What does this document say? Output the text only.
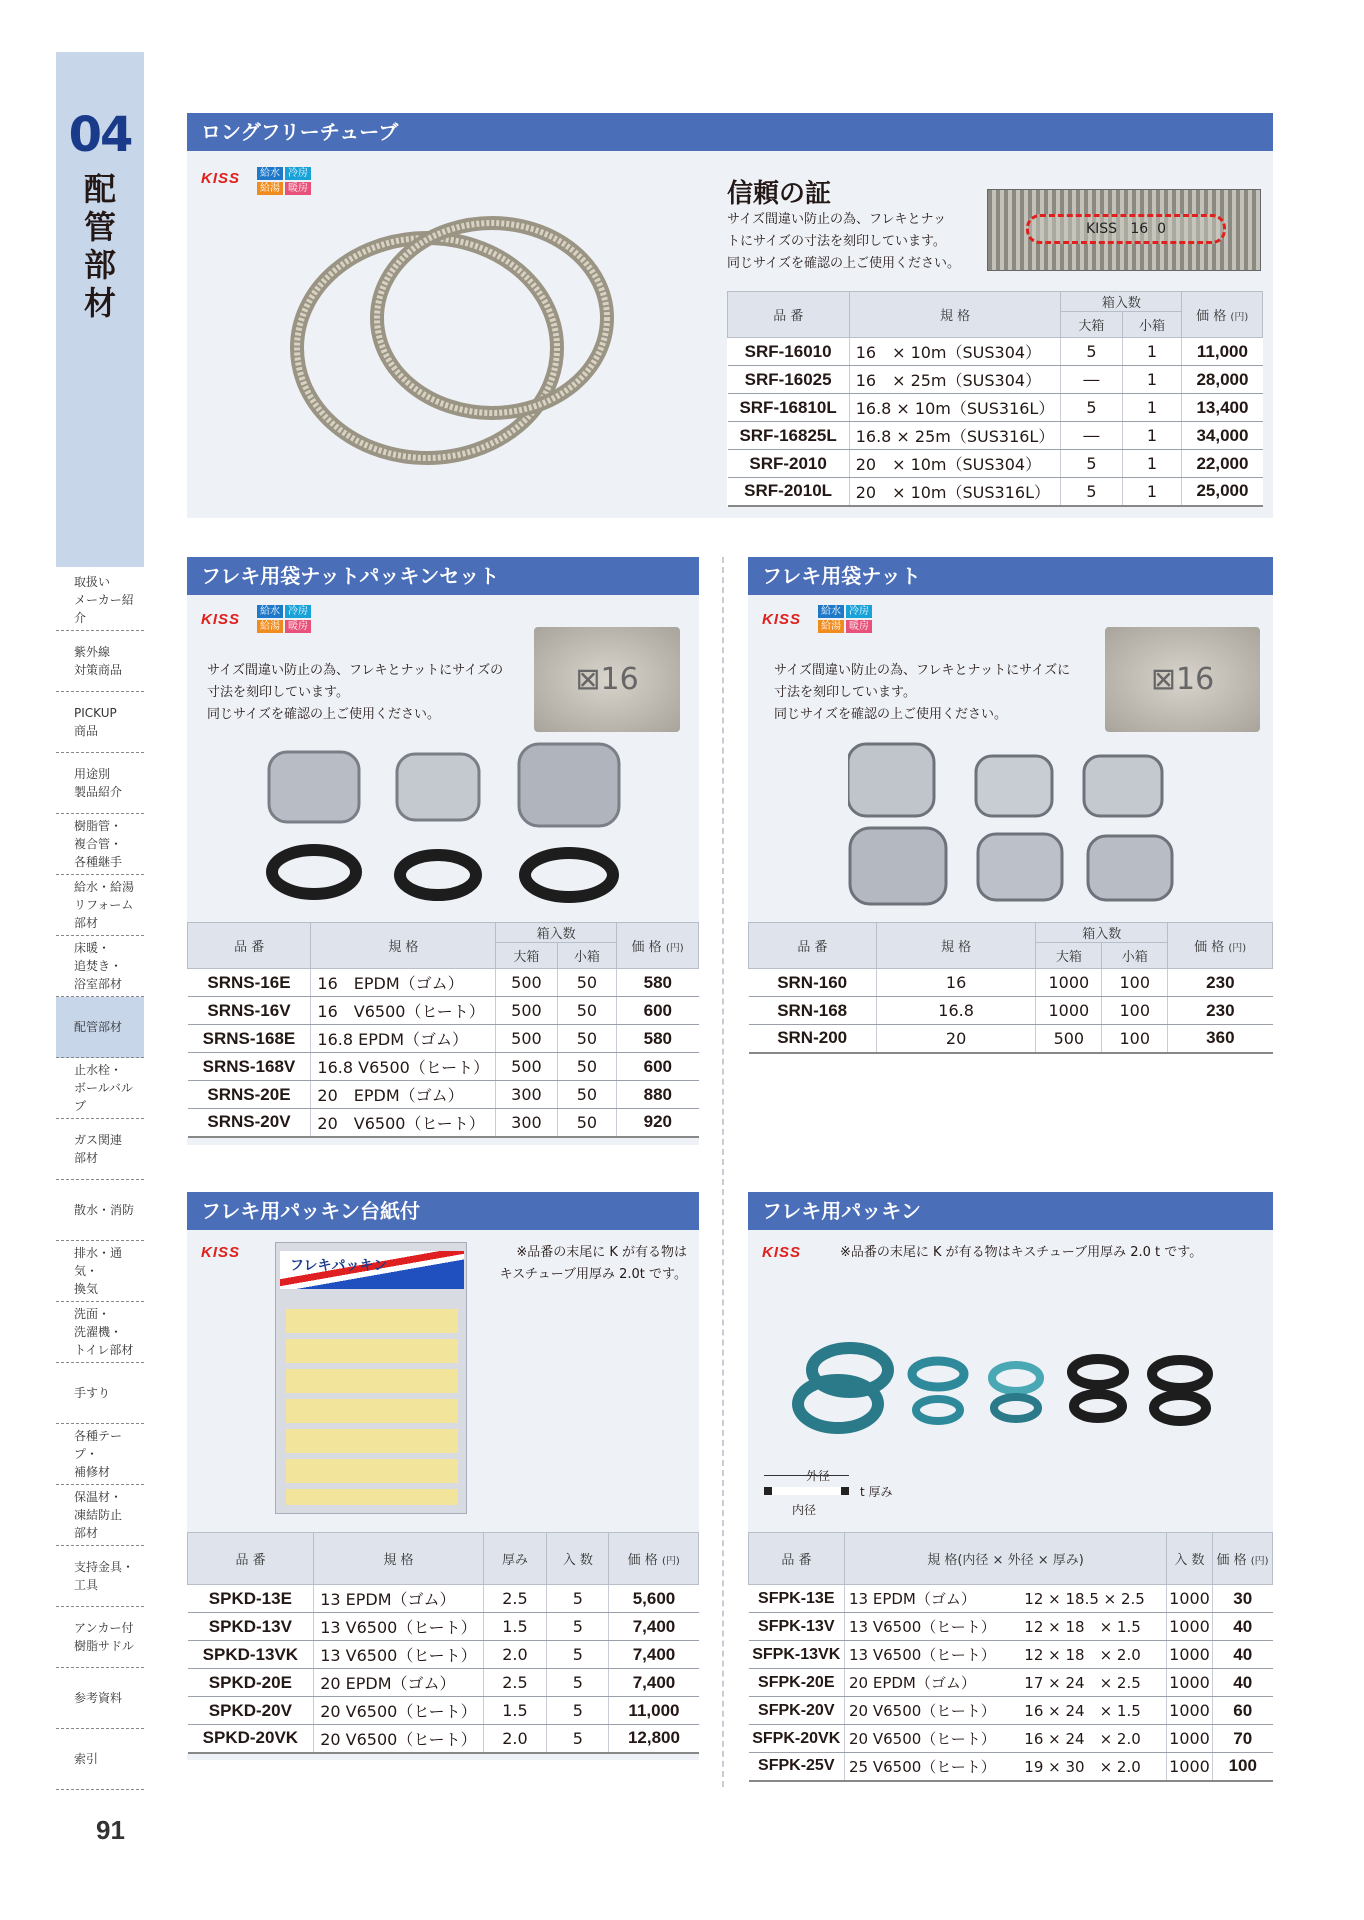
04
配管部材
取扱い
メーカー紹介
紫外線
対策商品
PICKUP
商品
用途別
製品紹介
樹脂管・
複合管・
各種継手
給水・給湯
リフォーム
部材
床暖・
追焚き・
浴室部材
配管部材
止水栓・
ボールバルブ
ガス関連
部材
散水・消防
排水・通気・
換気
洗面・
洗濯機・
トイレ部材
手すり
各種テープ・
補修材
保温材・
凍結防止
部材
支持金具・
工具
アンカー付
樹脂サドル
参考資料
索引
91
ロングフリーチューブ
KISS	給水 冷房
給湯 暖房	信頼の証
サイズ間違い防止の為、フレキとナッ
トにサイズの寸法を刻印しています。
同じサイズを確認の上ご使用ください。
KISS   16  0
品 番	規 格	箱入数		価 格 (円)
		大箱	小箱	
SRF-16010	16　× 10m（SUS304）	5	1	11,000
SRF-16025	16　× 25m（SUS304）	―	1	28,000
SRF-16810L	16.8 × 10m（SUS316L）	5	1	13,400
SRF-16825L	16.8 × 25m（SUS316L）	―	1	34,000
SRF-2010	20　× 10m（SUS304）	5	1	22,000
SRF-2010L	20　× 10m（SUS316L）	5	1	25,000
フレキ用袋ナットパッキンセット
KISS	給水 冷房
給湯 暖房
サイズ間違い防止の為、フレキとナットにサイズの
寸法を刻印しています。
同じサイズを確認の上ご使用ください。
⊠16
品 番	規 格	箱入数		価 格 (円)
		大箱	小箱	
SRNS-16E	16　EPDM（ゴム）	500	50	580
SRNS-16V	16　V6500（ヒート）	500	50	600
SRNS-168E	16.8 EPDM（ゴム）	500	50	580
SRNS-168V	16.8 V6500（ヒート）	500	50	600
SRNS-20E	20　EPDM（ゴム）	300	50	880
SRNS-20V	20　V6500（ヒート）	300	50	920
フレキ用袋ナット
KISS	給水 冷房
給湯 暖房
サイズ間違い防止の為、フレキとナットにサイズに
寸法を刻印しています。
同じサイズを確認の上ご使用ください。
⊠16
品 番	規 格	箱入数		価 格 (円)
		大箱	小箱	
SRN-160	16	1000	100	230
SRN-168	16.8	1000	100	230
SRN-200	20	500	100	360
フレキ用パッキン台紙付
KISS	※品番の末尾に K が有る物は
キスチューブ用厚み 2.0t です。
フレキパッキン
品 番	規 格	厚み	入 数	価 格 (円)
SPKD-13E	13 EPDM（ゴム）	2.5	5	5,600
SPKD-13V	13 V6500（ヒート）	1.5	5	7,400
SPKD-13VK	13 V6500（ヒート）	2.0	5	7,400
SPKD-20E	20 EPDM（ゴム）	2.5	5	7,400
SPKD-20V	20 V6500（ヒート）	1.5	5	11,000
SPKD-20VK	20 V6500（ヒート）	2.0	5	12,800
フレキ用パッキン
KISS	※品番の末尾に K が有る物はキスチューブ用厚み 2.0 t です。
外径
t 厚み
内径
品 番	規 格(内径 × 外径 × 厚み)		入 数	価 格 (円)
SFPK-13E	13 EPDM（ゴム）	12 × 18.5 × 2.5	1000	30
SFPK-13V	13 V6500（ヒート）	12 × 18　× 1.5	1000	40
SFPK-13VK	13 V6500（ヒート）	12 × 18　× 2.0	1000	40
SFPK-20E	20 EPDM（ゴム）	17 × 24　× 2.5	1000	40
SFPK-20V	20 V6500（ヒート）	16 × 24　× 1.5	1000	60
SFPK-20VK	20 V6500（ヒート）	16 × 24　× 2.0	1000	70
SFPK-25V	25 V6500（ヒート）	19 × 30　× 2.0	1000	100
